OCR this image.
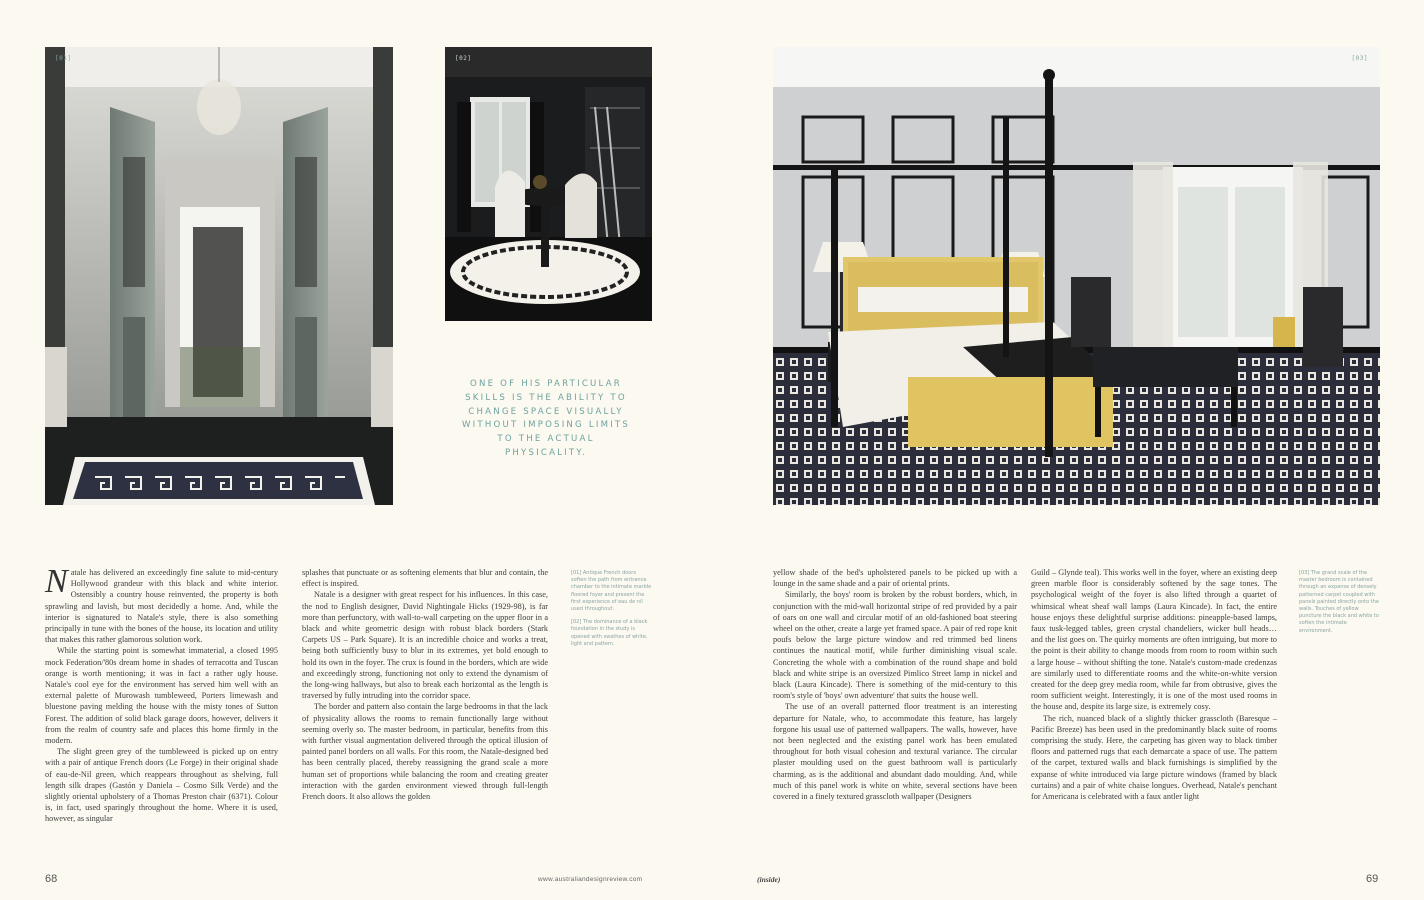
[01]	[02]
ONE OF HIS PARTICULAR SKILLS IS THE ABILITY TO CHANGE SPACE VISUALLY WITHOUT IMPOSING LIMITS TO THE ACTUAL PHYSICALITY.
[03]

Natale has delivered an exceedingly fine salute to mid-century Hollywood grandeur with this black and white interior. Ostensibly a country house reinvented, the property is both sprawling and lavish, but most decidedly a home. And, while the interior is signatured to Natale's style, there is also something principally in tune with the bones of the house, its location and utility that makes this rather glamorous solution work.

While the starting point is somewhat immaterial, a closed 1995 mock Federation/'80s dream home in shades of terracotta and Tuscan orange is worth mentioning; it was in fact a rather ugly house. Natale's cool eye for the environment has served him well with an external palette of Murowash tumbleweed, Porters limewash and bluestone paving melding the house with the misty tones of Sutton Forest. The addition of solid black garage doors, however, delivers it from the realm of country safe and places this home firmly in the modern.

The slight green grey of the tumbleweed is picked up on entry with a pair of antique French doors (Le Forge) in their original shade of eau-de-Nil green, which reappears throughout as shelving, full length silk drapes (Gastón y Daniela – Cosmo Silk Verde) and the slightly oriental upholstery of a Thomas Preston chair (6371). Colour is, in fact, used sparingly throughout the home. Where it is used, however, as singular

splashes that punctuate or as softening elements that blur and contain, the effect is inspired.

Natale is a designer with great respect for his influences. In this case, the nod to English designer, David Nightingale Hicks (1929-98), is far more than perfunctory, with wall-to-wall carpeting on the upper floor in a black and white geometric design with robust black borders (Stark Carpets US – Park Square). It is an incredible choice and works a treat, being both sufficiently busy to blur in its extremes, yet bold enough to hold its own in the foyer. The crux is found in the borders, which are wide and exceedingly strong, functioning not only to extend the dynamism of the long-wing hallways, but also to break each horizontal as the length is traversed by fully intruding into the corridor space.

The border and pattern also contain the large bedrooms in that the lack of physicality allows the rooms to remain functionally large without seeming overly so. The master bedroom, in particular, benefits from this with further visual augmentation delivered through the optical illusion of painted panel borders on all walls. For this room, the Natale-designed bed has been centrally placed, thereby reassigning the grand scale a more human set of proportions while balancing the room and creating greater interaction with the garden environment viewed through full-length French doors. It also allows the golden

[01] Antique French doors soften the path from entrance chamber to the intimate marble floored foyer and present the first experience of eau de nil used throughout.

[02] The dominance of a black foundation in the study is opened with swathes of white, light and pattern.

yellow shade of the bed's upholstered panels to be picked up with a lounge in the same shade and a pair of oriental prints.

Similarly, the boys' room is broken by the robust borders, which, in conjunction with the mid-wall horizontal stripe of red provided by a pair of oars on one wall and circular motif of an old-fashioned boat steering wheel on the other, create a large yet framed space. A pair of red rope knit poufs below the large picture window and red trimmed bed linens continues the nautical motif, while further diminishing visual scale. Concreting the whole with a combination of the round shape and bold black and white stripe is an oversized Pimlico Street lamp in nickel and black (Laura Kincade). There is something of the mid-century to this room's style of 'boys' own adventure' that suits the house well.

The use of an overall patterned floor treatment is an interesting departure for Natale, who, to accommodate this feature, has largely forgone his usual use of patterned wallpapers. The walls, however, have not been neglected and the existing panel work has been emulated throughout for both visual cohesion and textural variance. The circular plaster moulding used on the guest bathroom wall is particularly charming, as is the additional and abundant dado moulding. And, while much of this panel work is white on white, several sections have been covered in a finely textured grasscloth wallpaper (Designers

Guild – Glynde teal). This works well in the foyer, where an existing deep green marble floor is considerably softened by the sage tones. The psychological weight of the foyer is also lifted through a quartet of whimsical wheat sheaf wall lamps (Laura Kincade). In fact, the entire house enjoys these delightful surprise additions: pineapple-based lamps, faux tusk-legged tables, green crystal chandeliers, wicker bull heads… and the list goes on. The quirky moments are often intriguing, but more to the point is their ability to change moods from room to room within such a large house – without shifting the tone. Natale's custom-made credenzas are similarly used to differentiate rooms and the white-on-white version created for the deep grey media room, while far from obtrusive, gives the room sufficient weight. Interestingly, it is one of the most used rooms in the house and, despite its large size, is extremely cosy.

The rich, nuanced black of a slightly thicker grasscloth (Baresque – Pacific Breeze) has been used in the predominantly black suite of rooms comprising the study. Here, the carpeting has given way to black timber floors and patterned rugs that each demarcate a space of use. The pattern of the carpet, textured walls and black furnishings is simplified by the expanse of white introduced via large picture windows (framed by black curtains) and a pair of white chaise longues. Overhead, Natale's penchant for Americana is celebrated with a faux antler light

[03] The grand scale of the master bedroom is contained through an expanse of densely patterned carpet coupled with panels painted directly onto the walls. Touches of yellow puncture the black and white to soften the intimate environment.

68	www.australiandesignreview.com	(inside)	69
